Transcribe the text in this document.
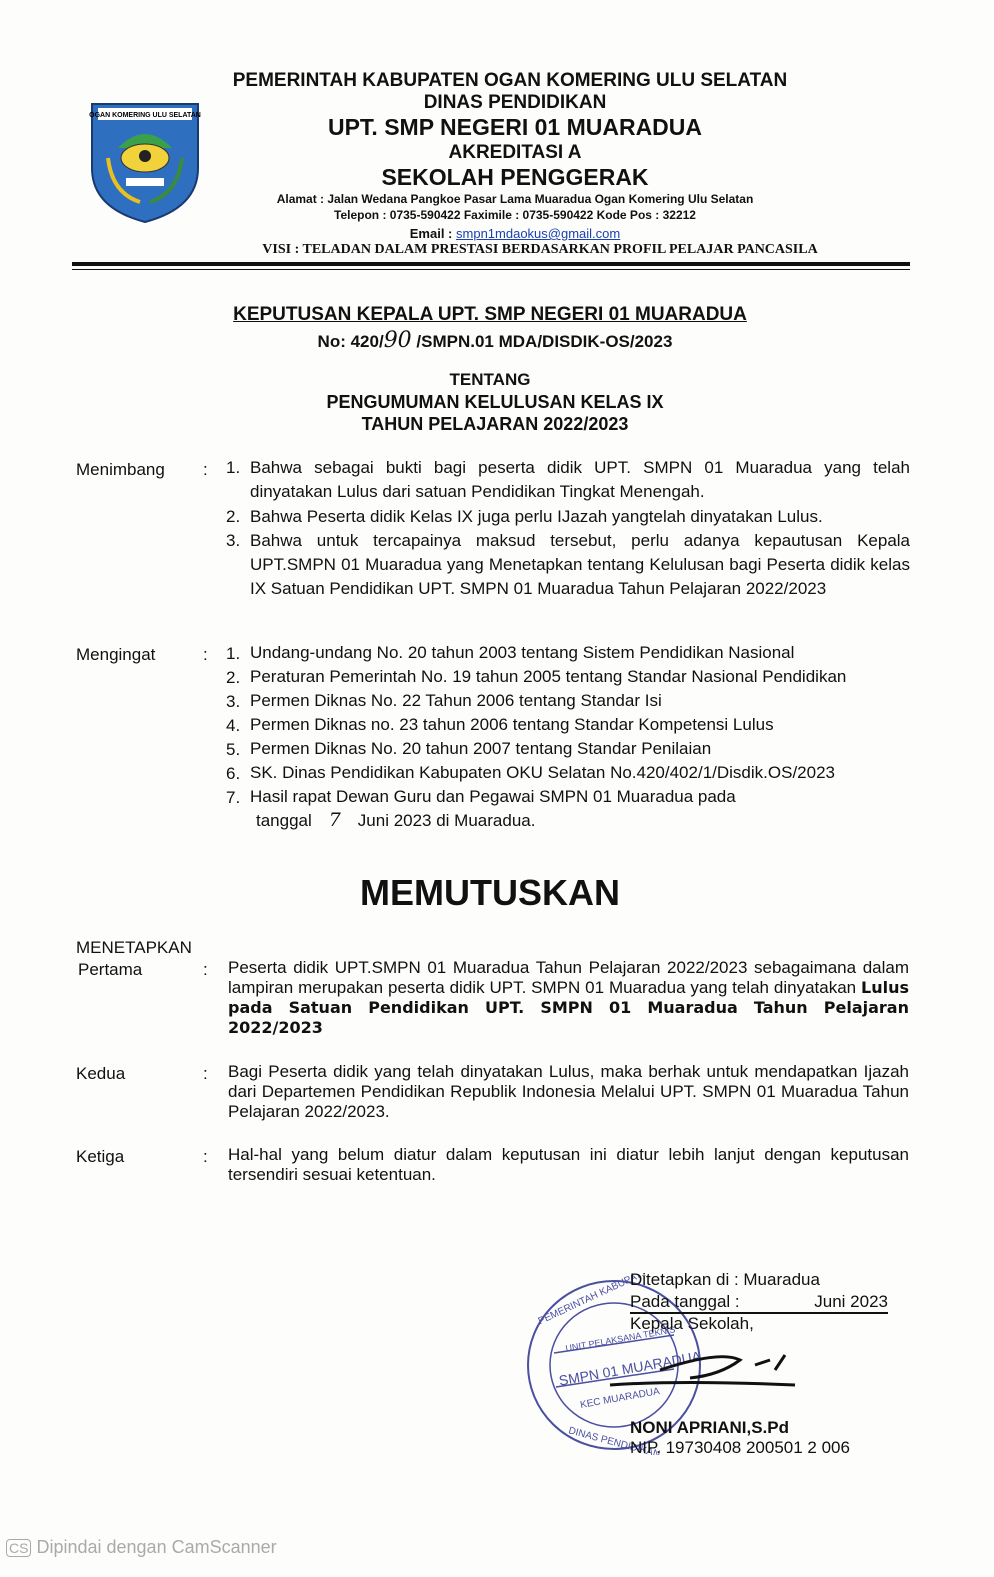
OGAN KOMERING ULU SELATAN
PEMERINTAH KABUPATEN OGAN KOMERING ULU SELATAN
DINAS PENDIDIKAN
UPT. SMP NEGERI 01 MUARADUA
AKREDITASI A
SEKOLAH PENGGERAK
Alamat : Jalan Wedana Pangkoe Pasar Lama Muaradua Ogan Komering Ulu Selatan
Telepon : 0735-590422 Faximile : 0735-590422 Kode Pos : 32212
Email : smpn1mdaokus@gmail.com
VISI : TELADAN DALAM PRESTASI BERDASARKAN PROFIL PELAJAR PANCASILA
KEPUTUSAN KEPALA UPT. SMP NEGERI 01 MUARADUA
No: 420/90 /SMPN.01 MDA/DISDIK-OS/2023
TENTANG
PENGUMUMAN KELULUSAN KELAS IX
TAHUN PELAJARAN 2022/2023
Menimbang : 1. Bahwa sebagai bukti bagi peserta didik UPT. SMPN 01 Muaradua yang telah dinyatakan Lulus dari satuan Pendidikan Tingkat Menengah.
2. Bahwa Peserta didik Kelas IX juga perlu IJazah yangtelah dinyatakan Lulus.
3. Bahwa untuk tercapainya maksud tersebut, perlu adanya kepautusan Kepala UPT.SMPN 01 Muaradua yang Menetapkan tentang Kelulusan bagi Peserta didik kelas IX Satuan Pendidikan UPT. SMPN 01 Muaradua Tahun Pelajaran 2022/2023
Mengingat	: 1. Undang-undang No. 20 tahun 2003 tentang Sistem Pendidikan Nasional
2. Peraturan Pemerintah No. 19 tahun 2005 tentang Standar Nasional Pendidikan
3. Permen Diknas No. 22 Tahun 2006 tentang Standar Isi
4. Permen Diknas no. 23 tahun 2006 tentang Standar Kompetensi Lulus
5. Permen Diknas No. 20 tahun 2007 tentang Standar Penilaian
6. SK. Dinas Pendidikan Kabupaten OKU Selatan No.420/402/1/Disdik.OS/2023
7. Hasil rapat Dewan Guru dan Pegawai SMPN 01 Muaradua pada
tanggal 7 Juni 2023 di Muaradua.
MEMUTUSKAN
MENETAPKAN
Pertama	: Peserta didik UPT.SMPN 01 Muaradua Tahun Pelajaran 2022/2023 sebagaimana dalam lampiran merupakan peserta didik UPT. SMPN 01 Muaradua yang telah dinyatakan Lulus pada Satuan Pendidikan UPT. SMPN 01 Muaradua Tahun Pelajaran 2022/2023
Kedua	: Bagi Peserta didik yang telah dinyatakan Lulus, maka berhak untuk mendapatkan Ijazah dari Departemen Pendidikan Republik Indonesia Melalui UPT. SMPN 01 Muaradua Tahun Pelajaran 2022/2023.
Ketiga	: Hal-hal yang belum diatur dalam keputusan ini diatur lebih lanjut dengan keputusan tersendiri sesuai ketentuan.
UNIT PELAKSANA TEKNIS
SMPN 01 MUARADUA
KEC MUARADUA
PEMERINTAH KABUPATEN
DINAS PENDIDIKAN
Ditetapkan di : Muaradua
Pada tanggal :	Juni 2023
Kepala Sekolah,
NONI APRIANI,S.Pd
NIP. 19730408 200501 2 006
CS Dipindai dengan CamScanner
